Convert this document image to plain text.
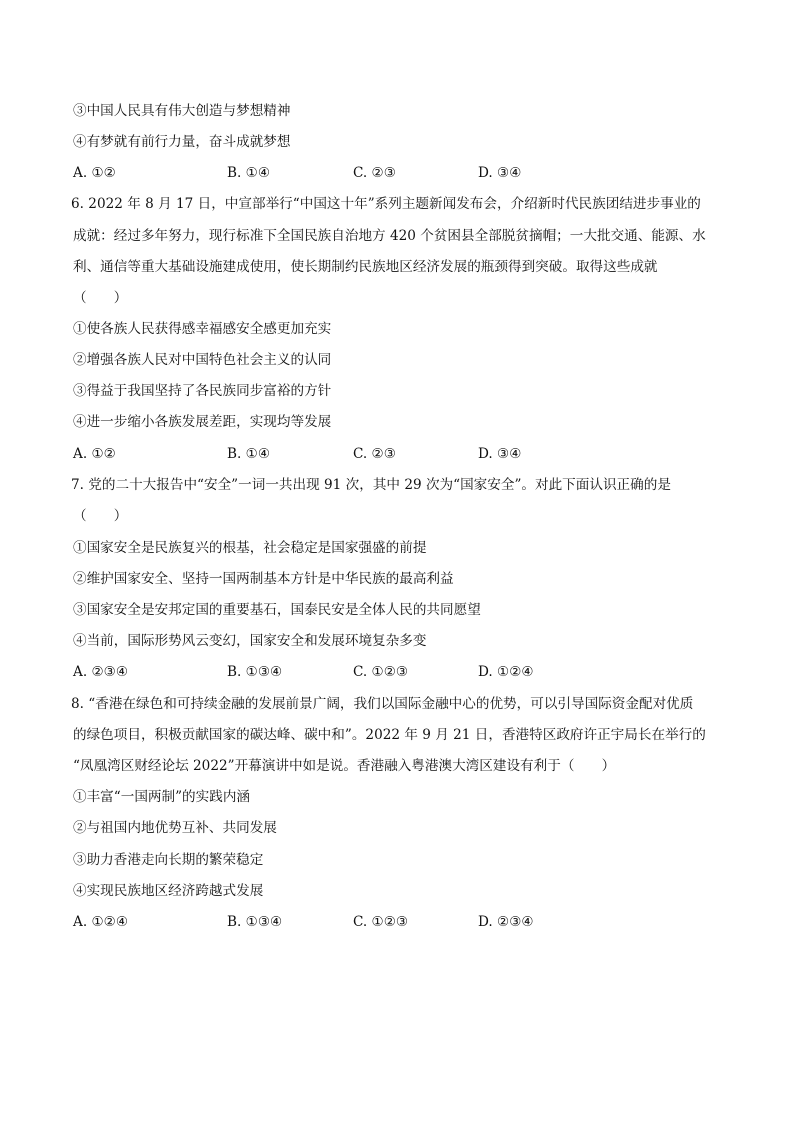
③中国人民具有伟大创造与梦想精神
④有梦就有前行力量，奋斗成就梦想
A. ①②	B. ①④	C. ②③	D. ③④
6. 2022 年 8 月 17 日，中宣部举行“中国这十年”系列主题新闻发布会，介绍新时代民族团结进步事业的
成就：经过多年努力，现行标准下全国民族自治地方 420 个贫困县全部脱贫摘帽；一大批交通、能源、水
利、通信等重大基础设施建成使用，使长期制约民族地区经济发展的瓶颈得到突破。取得这些成就
（　　）
①使各族人民获得感幸福感安全感更加充实
②增强各族人民对中国特色社会主义的认同
③得益于我国坚持了各民族同步富裕的方针
④进一步缩小各族发展差距，实现均等发展
A. ①②	B. ①④	C. ②③	D. ③④
7. 党的二十大报告中“安全”一词一共出现 91 次，其中 29 次为“国家安全”。对此下面认识正确的是
（　　）
①国家安全是民族复兴的根基，社会稳定是国家强盛的前提
②维护国家安全、坚持一国两制基本方针是中华民族的最高利益
③国家安全是安邦定国的重要基石，国泰民安是全体人民的共同愿望
④当前，国际形势风云变幻，国家安全和发展环境复杂多变
A. ②③④	B. ①③④	C. ①②③	D. ①②④
8. “香港在绿色和可持续金融的发展前景广阔，我们以国际金融中心的优势，可以引导国际资金配对优质
的绿色项目，积极贡献国家的碳达峰、碳中和”。2022 年 9 月 21 日，香港特区政府许正宇局长在举行的
“凤凰湾区财经论坛 2022”开幕演讲中如是说。香港融入粤港澳大湾区建设有利于（　　）
①丰富“一国两制”的实践内涵
②与祖国内地优势互补、共同发展
③助力香港走向长期的繁荣稳定
④实现民族地区经济跨越式发展
A. ①②④	B. ①③④	C. ①②③	D. ②③④
